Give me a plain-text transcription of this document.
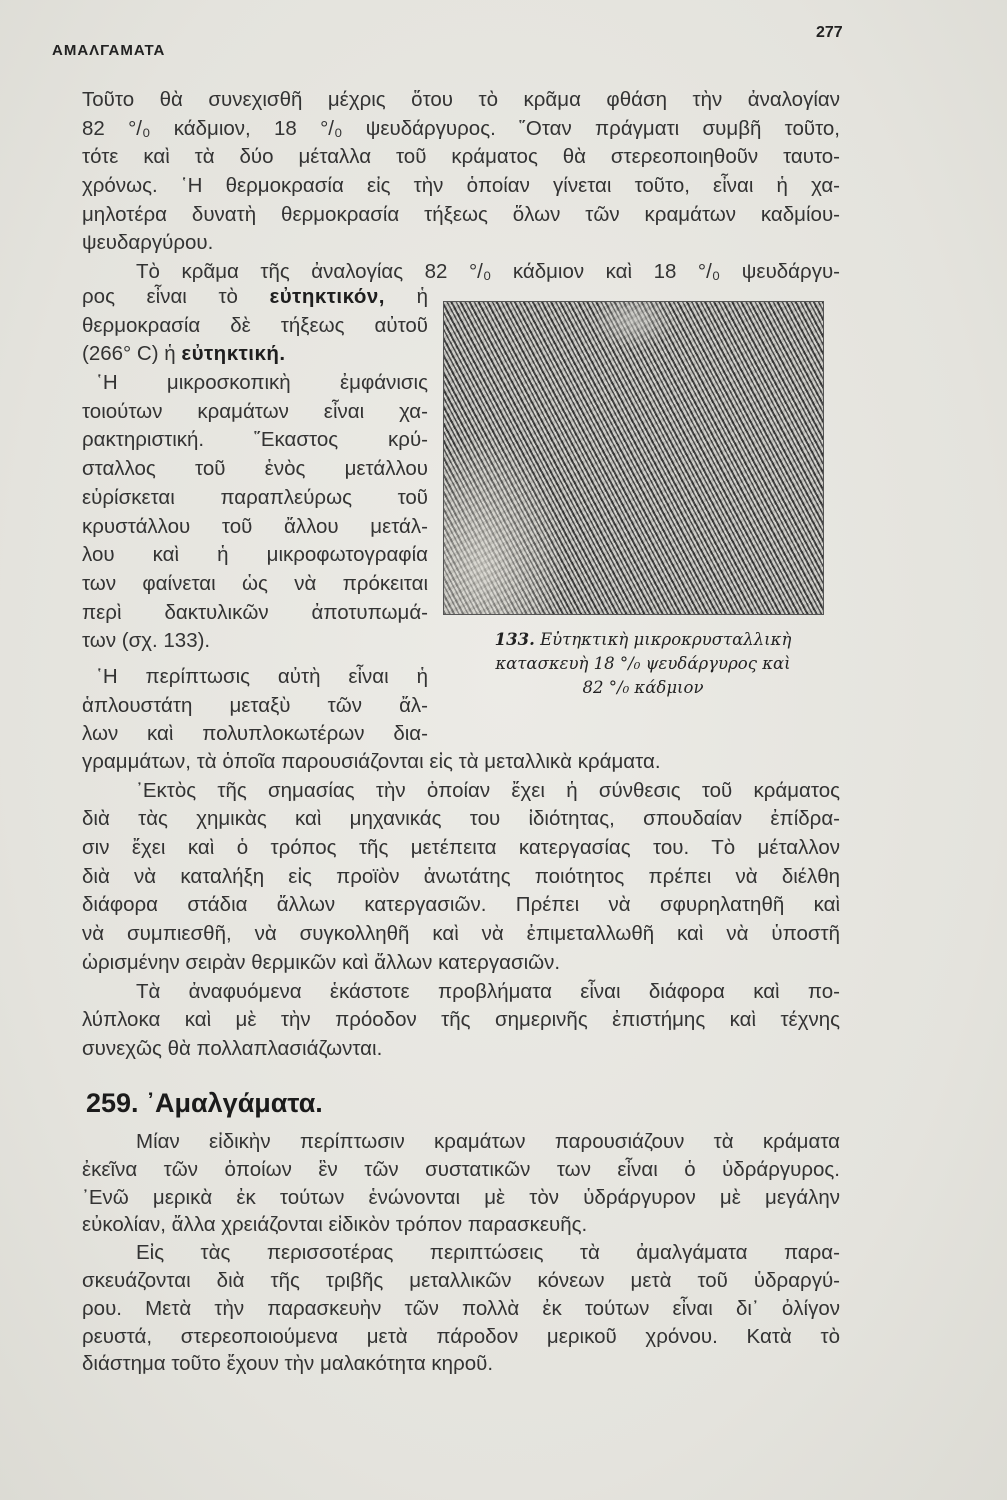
ΑΜΑΛΓΑΜΑΤΑ
277
Τοῦτο θὰ συνεχισθῆ μέχρις ὅτου τὸ κρᾶμα φθάση τὴν ἀναλογίαν
82 °/₀ κάδμιον, 18 °/₀ ψευδάργυρος. ῞Οταν πράγματι συμβῆ τοῦτο,
τότε καὶ τὰ δύο μέταλλα τοῦ κράματος θὰ στερεοποιηθοῦν ταυτο-
χρόνως. ῾Η θερμοκρασία εἰς τὴν ὁποίαν γίνεται τοῦτο, εἶναι ἡ χα-
μηλοτέρα δυνατὴ θερμοκρασία τήξεως ὅλων τῶν κραμάτων καδμίου-
ψευδαργύρου.
Τὸ κρᾶμα τῆς ἀναλογίας 82 °/₀ κάδμιον καὶ 18 °/₀ ψευδάργυ-
ρος εἶναι τὸ εὐτηκτικόν, ἡ
θερμοκρασία δὲ τήξεως αὐτοῦ
(266° C) ἡ εὐτηκτική.
῾Η μικροσκοπικὴ ἐμφάνισις
τοιούτων κραμάτων εἶναι χα-
ρακτηριστική. ῞Εκαστος κρύ-
σταλλος τοῦ ἑνὸς μετάλλου
εὑρίσκεται παραπλεύρως τοῦ
κρυστάλλου τοῦ ἄλλου μετάλ-
λου καὶ ἡ μικροφωτογραφία
των φαίνεται ὡς νὰ πρόκειται
περὶ δακτυλικῶν ἀποτυπωμά-
των (σχ. 133).
῾Η περίπτωσις αὐτὴ εἶναι ἡ
ἁπλουστάτη μεταξὺ τῶν ἄλ-
λων καὶ πολυπλοκωτέρων δια-
133. Εὐτηκτικὴ μικροκρυσταλλικὴ
κατασκευὴ 18 °/₀ ψευδάργυρος καὶ
82 °/₀ κάδμιον
γραμμάτων, τὰ ὁποῖα παρουσιάζονται εἰς τὰ μεταλλικὰ κράματα.
᾿Εκτὸς τῆς σημασίας τὴν ὁποίαν ἔχει ἡ σύνθεσις τοῦ κράματος
διὰ τὰς χημικὰς καὶ μηχανικάς του ἰδιότητας, σπουδαίαν ἐπίδρα-
σιν ἔχει καὶ ὁ τρόπος τῆς μετέπειτα κατεργασίας του. Τὸ μέταλλον
διὰ νὰ καταλήξη εἰς προϊὸν ἀνωτάτης ποιότητος πρέπει νὰ διέλθη
διάφορα στάδια ἄλλων κατεργασιῶν. Πρέπει νὰ σφυρηλατηθῆ καὶ
νὰ συμπιεσθῆ, νὰ συγκολληθῆ καὶ νὰ ἐπιμεταλλωθῆ καὶ νὰ ὑποστῆ
ὡρισμένην σειρὰν θερμικῶν καὶ ἄλλων κατεργασιῶν.
Τὰ ἀναφυόμενα ἑκάστοτε προβλήματα εἶναι διάφορα καὶ πο-
λύπλοκα καὶ μὲ τὴν πρόοδον τῆς σημερινῆς ἐπιστήμης καὶ τέχνης
συνεχῶς θὰ πολλαπλασιάζωνται.
259. ᾿Αμαλγάματα.
Μίαν εἰδικὴν περίπτωσιν κραμάτων παρουσιάζουν τὰ κράματα
ἐκεῖνα τῶν ὁποίων ἓν τῶν συστατικῶν των εἶναι ὁ ὑδράργυρος.
᾿Ενῶ μερικὰ ἐκ τούτων ἑνώνονται μὲ τὸν ὑδράργυρον μὲ μεγάλην
εὐκολίαν, ἄλλα χρειάζονται εἰδικὸν τρόπον παρασκευῆς.
Εἰς τὰς περισσοτέρας περιπτώσεις τὰ ἀμαλγάματα παρα-
σκευάζονται διὰ τῆς τριβῆς μεταλλικῶν κόνεων μετὰ τοῦ ὑδραργύ-
ρου. Μετὰ τὴν παρασκευὴν τῶν πολλὰ ἐκ τούτων εἶναι δι᾿ ὀλίγον
ρευστά, στερεοποιούμενα μετὰ πάροδον μερικοῦ χρόνου. Κατὰ τὸ
διάστημα τοῦτο ἔχουν τὴν μαλακότητα κηροῦ.
